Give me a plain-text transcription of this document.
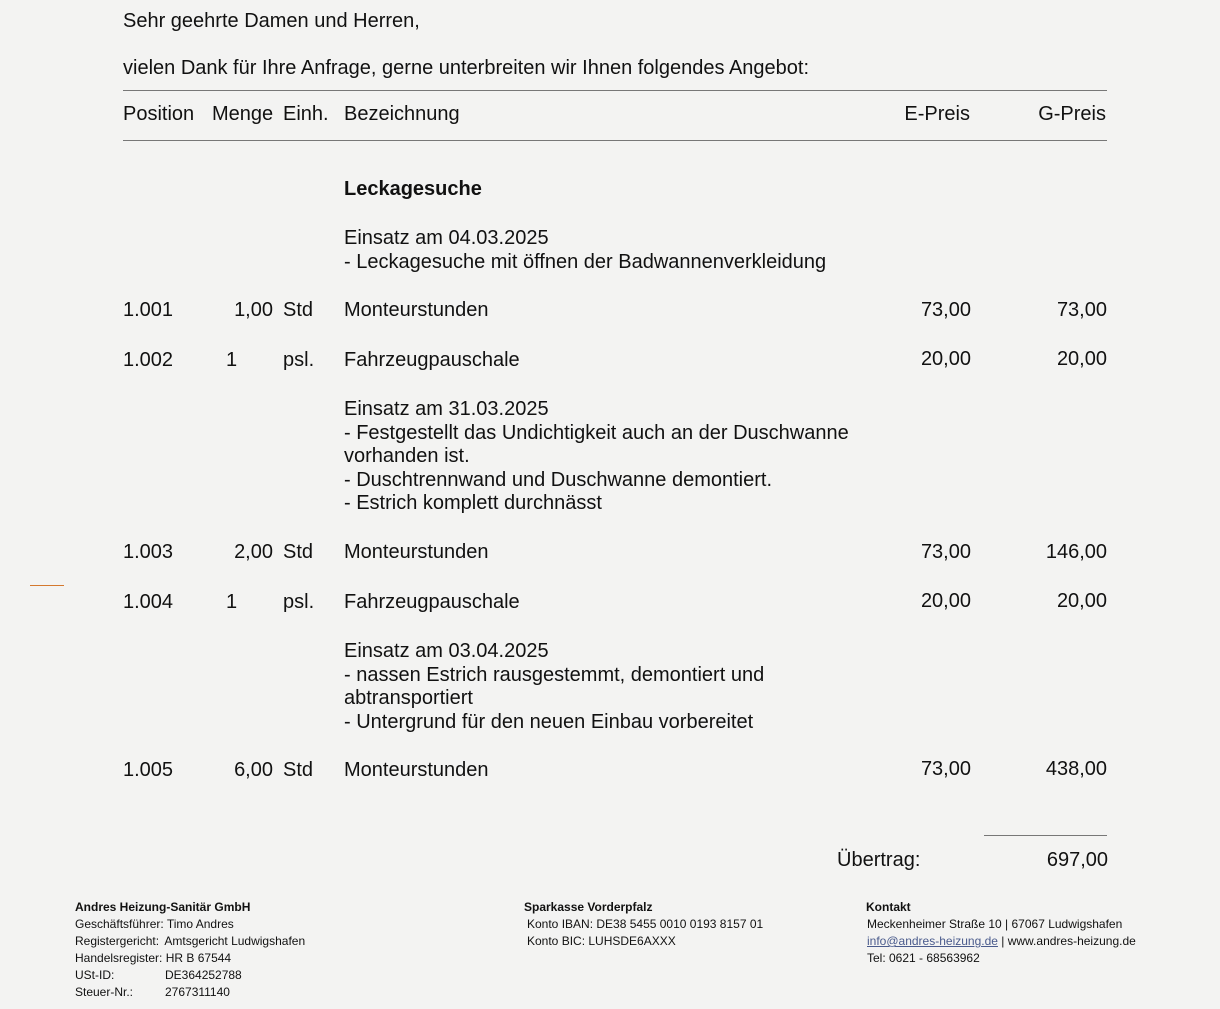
Sehr geehrte Damen und Herren,
vielen Dank für Ihre Anfrage, gerne unterbreiten wir Ihnen folgendes Angebot:
Position Menge Einh. Bezeichnung	E-Preis	G-Preis
Leckagesuche
Einsatz am 04.03.2025
- Leckagesuche mit öffnen der Badwannenverkleidung
1.001	1,00 Std Monteurstunden	73,00	73,00
1.002	1 psl. Fahrzeugpauschale	20,00	20,00
Einsatz am 31.03.2025
- Festgestellt das Undichtigkeit auch an der Duschwanne
vorhanden ist.
- Duschtrennwand und Duschwanne demontiert.
- Estrich komplett durchnässt
1.003	2,00 Std Monteurstunden	73,00	146,00
1.004	1 psl. Fahrzeugpauschale	20,00	20,00
Einsatz am 03.04.2025
- nassen Estrich rausgestemmt, demontiert und
abtransportiert
- Untergrund für den neuen Einbau vorbereitet
1.005	6,00 Std Monteurstunden	73,00	438,00
Übertrag:	697,00
Andres Heizung-Sanitär GmbH
Geschäftsführer: Timo Andres
Registergericht: Amtsgericht Ludwigshafen
Handelsregister: HR B 67544
USt-ID:	DE364252788
Steuer-Nr.:	2767311140
Sparkasse Vorderpfalz
Konto IBAN: DE38 5455 0010 0193 8157 01
Konto BIC: LUHSDE6AXXX
Kontakt
Meckenheimer Straße 10 | 67067 Ludwigshafen
info@andres-heizung.de | www.andres-heizung.de
Tel: 0621 - 68563962
